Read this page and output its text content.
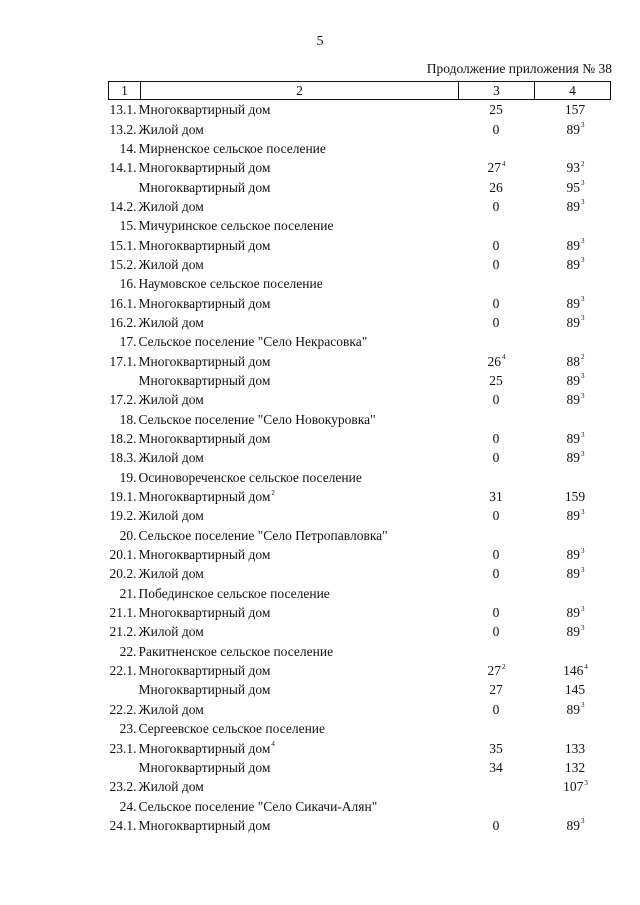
5
Продолжение приложения № 38
1	2	3	4
13.1. Многоквартирный дом		25	157
13.2. Жилой дом		0	$89^3$
14. Мирненское сельское поселение			
14.1. Многоквартирный дом		$27^4$	$93^2$
Многоквартирный дом		26	$95^3$
14.2. Жилой дом		0	$89^3$
15. Мичуринское сельское поселение			
15.1. Многоквартирный дом		0	$89^3$
15.2. Жилой дом		0	$89^3$
16. Наумовское сельское поселение			
16.1. Многоквартирный дом		0	$89^3$
16.2. Жилой дом		0	$89^3$
17. Сельское поселение "Село Некрасовка"			
17.1. Многоквартирный дом		$26^4$	$88^2$
Многоквартирный дом		25	$89^3$
17.2. Жилой дом		0	$89^3$
18. Сельское поселение "Село Новокуровка"			
18.2. Многоквартирный дом		0	$89^3$
18.3. Жилой дом		0	$89^3$
19. Осиновореченское сельское поселение			
19.1. Многоквартирный дом$^2$		31	159
19.2. Жилой дом		0	$89^3$
20. Сельское поселение "Село Петропавловка"			
20.1. Многоквартирный дом		0	$89^3$
20.2. Жилой дом		0	$89^3$
21. Побединское сельское поселение			
21.1. Многоквартирный дом		0	$89^3$
21.2. Жилой дом		0	$89^3$
22. Ракитненское сельское поселение			
22.1. Многоквартирный дом		$27^2$	$146^4$
Многоквартирный дом		27	145
22.2. Жилой дом		0	$89^3$
23. Сергеевское сельское поселение			
23.1. Многоквартирный дом$^4$		35	133
Многоквартирный дом		34	132
23.2. Жилой дом			$107^3$
24. Сельское поселение "Село Сикачи-Алян"			
24.1. Многоквартирный дом		0	$89^3$
